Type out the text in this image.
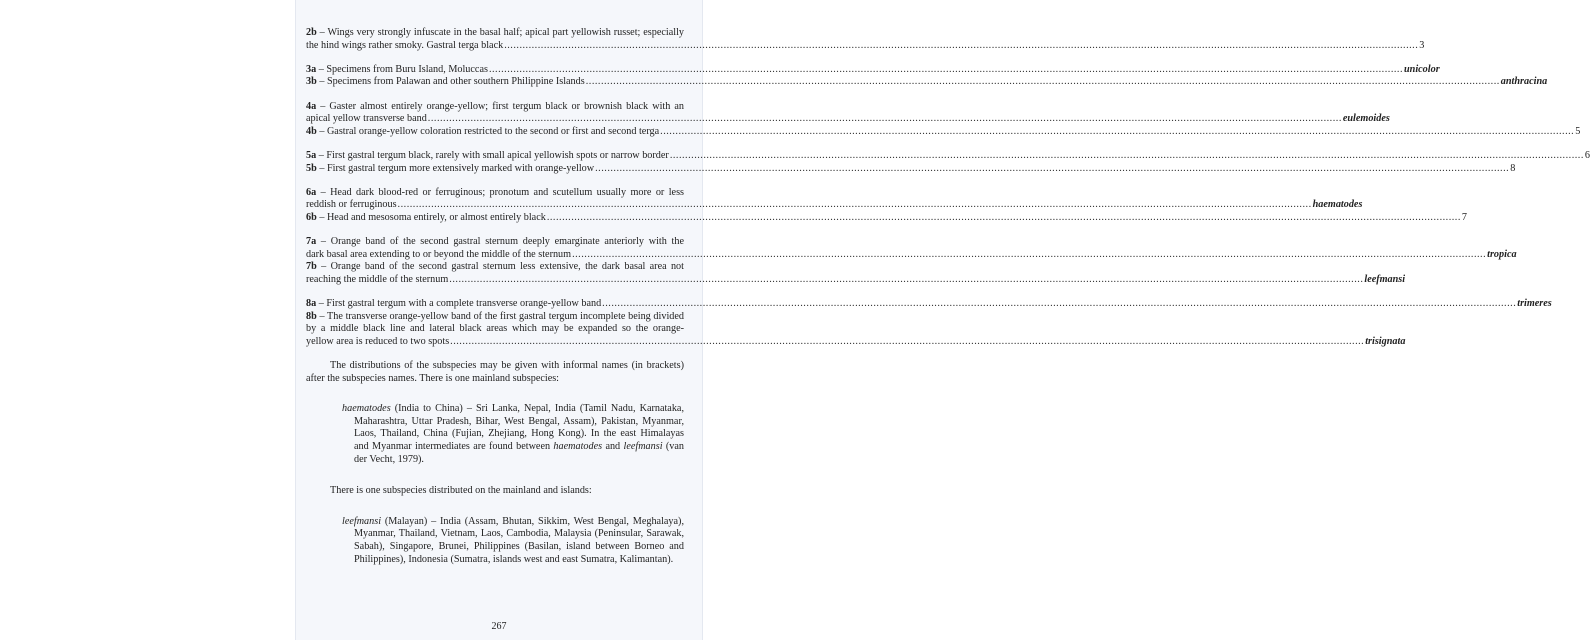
2b – Wings very strongly infuscate in the basal half; apical part yellowish russet; especially
the hind wings rather smoky. Gastral terga black ............................................................................................................................................................................................................................................................................................................ 3
3a – Specimens from Buru Island, Moluccas ............................................................................................................................................................................................................................................................................................................ unicolor
3b – Specimens from Palawan and other southern Philippine Islands ............................................................................................................................................................................................................................................................................................................ anthracina
4a – Gaster almost entirely orange-yellow; first tergum black or brownish black with an
apical yellow transverse band ............................................................................................................................................................................................................................................................................................................ eulemoides
4b – Gastral orange-yellow coloration restricted to the second or first and second terga ............................................................................................................................................................................................................................................................................................................ 5
5a – First gastral tergum black, rarely with small apical yellowish spots or narrow border ............................................................................................................................................................................................................................................................................................................ 6
5b – First gastral tergum more extensively marked with orange-yellow ............................................................................................................................................................................................................................................................................................................ 8
6a – Head dark blood-red or ferruginous; pronotum and scutellum usually more or less
reddish or ferruginous ............................................................................................................................................................................................................................................................................................................ haematodes
6b – Head and mesosoma entirely, or almost entirely black ............................................................................................................................................................................................................................................................................................................ 7
7a – Orange band of the second gastral sternum deeply emarginate anteriorly with the
dark basal area extending to or beyond the middle of the sternum ............................................................................................................................................................................................................................................................................................................ tropica
7b – Orange band of the second gastral sternum less extensive, the dark basal area not
reaching the middle of the sternum ............................................................................................................................................................................................................................................................................................................ leefmansi
8a – First gastral tergum with a complete transverse orange-yellow band ............................................................................................................................................................................................................................................................................................................ trimeres
8b – The transverse orange-yellow band of the first gastral tergum incomplete being divided
by a middle black line and lateral black areas which may be expanded so the orange-
yellow area is reduced to two spots ............................................................................................................................................................................................................................................................................................................ trisignata

The distributions of the subspecies may be given with informal names (in brackets) after the subspecies names. There is one mainland subspecies:

haematodes (India to China) – Sri Lanka, Nepal, India (Tamil Nadu, Karnataka, Maharashtra, Uttar Pradesh, Bihar, West Bengal, Assam), Pakistan, Myanmar, Laos, Thailand, China (Fujian, Zhejiang, Hong Kong). In the east Himalayas and Myanmar intermediates are found between haematodes and leefmansi (van der Vecht, 1979).

There is one subspecies distributed on the mainland and islands:

leefmansi (Malayan) – India (Assam, Bhutan, Sikkim, West Bengal, Meghalaya), Myanmar, Thailand, Vietnam, Laos, Cambodia, Malaysia (Peninsular, Sarawak, Sabah), Singapore, Brunei, Philippines (Basilan, island between Borneo and Philippines), Indonesia (Sumatra, islands west and east Sumatra, Kalimantan).

267
